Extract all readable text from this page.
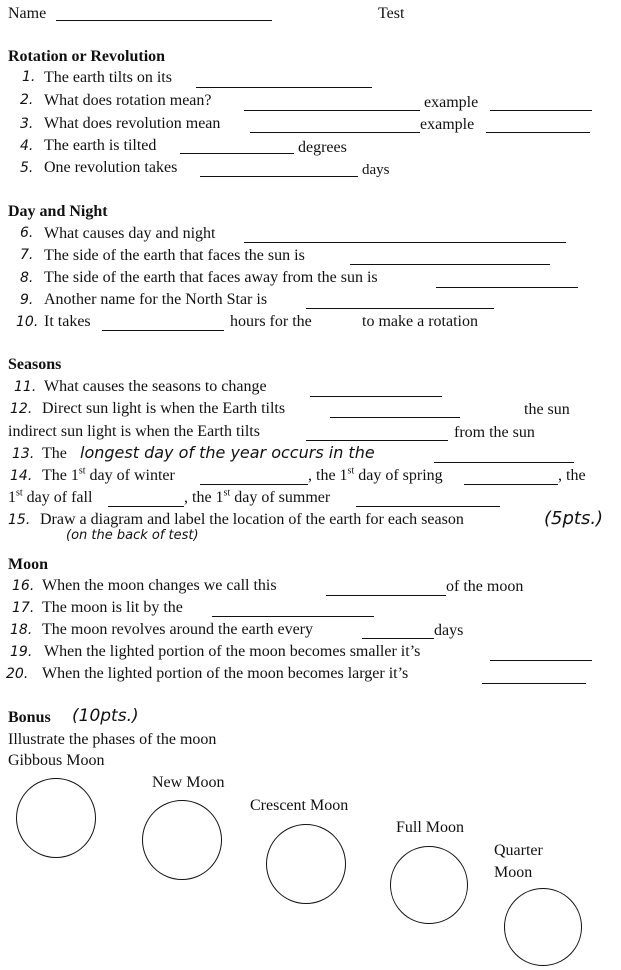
Name	Test
Rotation or Revolution
1. The earth tilts on its
2. What does rotation mean?	example
3. What does revolution mean	example
4. The earth is tilted	degrees
5. One revolution takes	days
Day and Night
6. What causes day and night
7. The side of the earth that faces the sun is
8. The side of the earth that faces away from the sun is
9. Another name for the North Star is
10. It takes	hours for the	to make a rotation
Seasons
11. What causes the seasons to change
12. Direct sun light is when the Earth tilts	the sun
indirect sun light is when the Earth tilts	from the sun
13. The longest day of the year occurs in the
14. The 1st day of winter	, the 1st day of spring	, the
1st day of fall	, the 1st day of summer
15. Draw a diagram and label the location of the earth for each season	(5pts.)
(on the back of test)
Moon
16. When the moon changes we call this	of the moon
17. The moon is lit by the
18. The moon revolves around the earth every	days
19. When the lighted portion of the moon becomes smaller it’s
20. When the lighted portion of the moon becomes larger it’s
Bonus (10pts.)
Illustrate the phases of the moon
Gibbous Moon
New Moon
Crescent Moon
Full Moon
Quarter
Moon
